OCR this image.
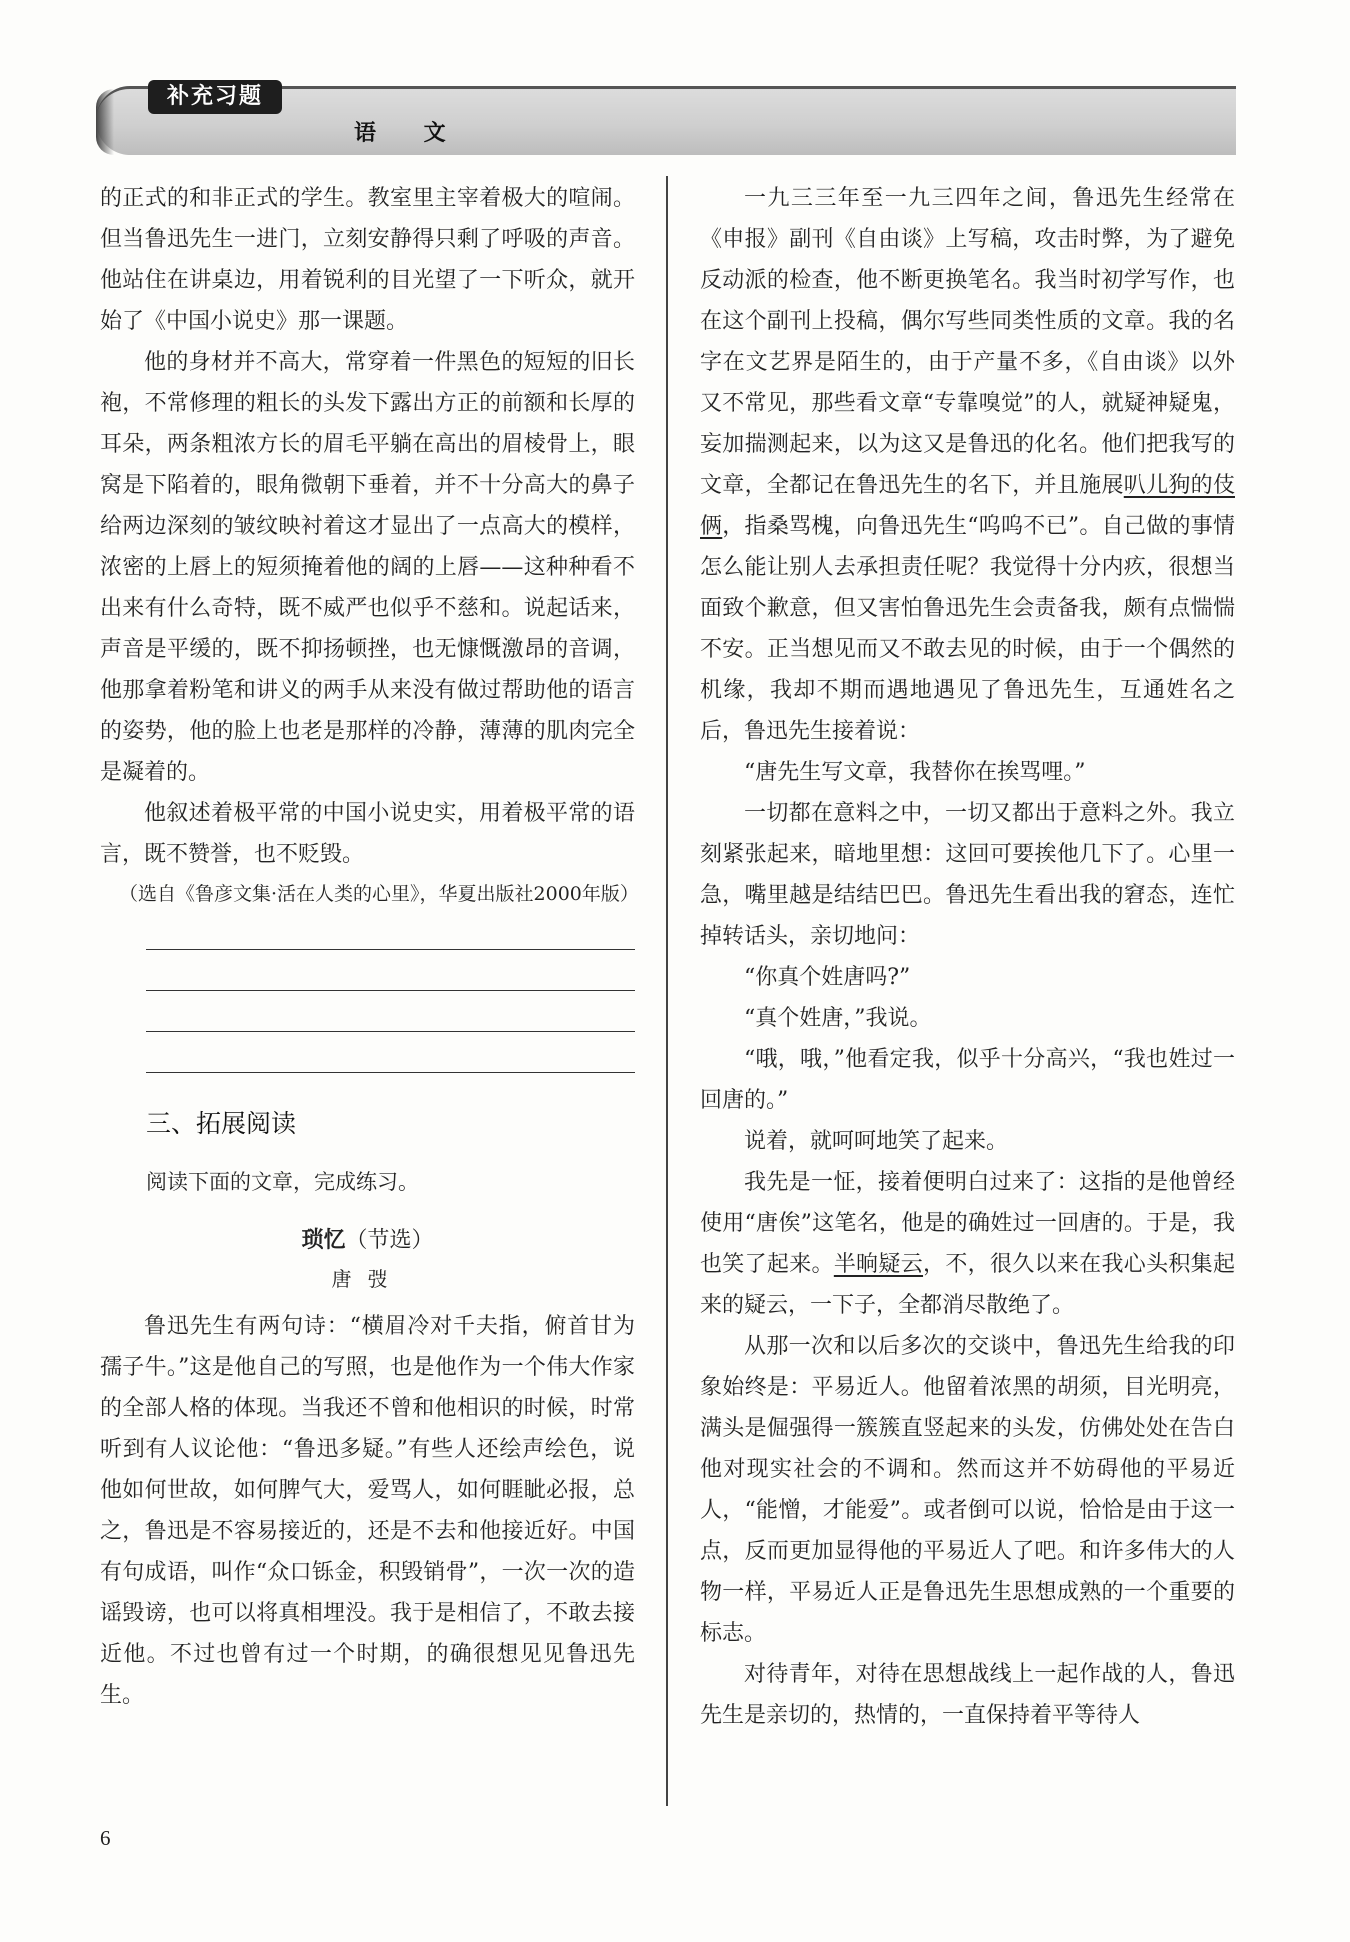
补充习题
语 文

的正式的和非正式的学生。教室里主宰着极大的喧闹。但当鲁迅先生一进门，立刻安静得只剩了呼吸的声音。他站住在讲桌边，用着锐利的目光望了一下听众，就开始了《中国小说史》那一课题。

他的身材并不高大，常穿着一件黑色的短短的旧长袍，不常修理的粗长的头发下露出方正的前额和长厚的耳朵，两条粗浓方长的眉毛平躺在高出的眉棱骨上，眼窝是下陷着的，眼角微朝下垂着，并不十分高大的鼻子给两边深刻的皱纹映衬着这才显出了一点高大的模样，浓密的上唇上的短须掩着他的阔的上唇——这种种看不出来有什么奇特，既不威严也似乎不慈和。说起话来，声音是平缓的，既不抑扬顿挫，也无慷慨激昂的音调，他那拿着粉笔和讲义的两手从来没有做过帮助他的语言的姿势，他的脸上也老是那样的冷静，薄薄的肌肉完全是凝着的。

他叙述着极平常的中国小说史实，用着极平常的语言，既不赞誉，也不贬毁。

（选自《鲁彦文集·活在人类的心里》，华夏出版社2000年版）

三、拓展阅读
阅读下面的文章，完成练习。
琐忆（节选）
唐弢

鲁迅先生有两句诗：“横眉冷对千夫指，俯首甘为孺子牛。”这是他自己的写照，也是他作为一个伟大作家的全部人格的体现。当我还不曾和他相识的时候，时常听到有人议论他：“鲁迅多疑。”有些人还绘声绘色，说他如何世故，如何脾气大，爱骂人，如何睚眦必报，总之，鲁迅是不容易接近的，还是不去和他接近好。中国有句成语，叫作“众口铄金，积毁销骨”，一次一次的造谣毁谤，也可以将真相埋没。我于是相信了，不敢去接近他。不过也曾有过一个时期，的确很想见见鲁迅先生。

一九三三年至一九三四年之间，鲁迅先生经常在《申报》副刊《自由谈》上写稿，攻击时弊，为了避免反动派的检查，他不断更换笔名。我当时初学写作，也在这个副刊上投稿，偶尔写些同类性质的文章。我的名字在文艺界是陌生的，由于产量不多，《自由谈》以外又不常见，那些看文章“专靠嗅觉”的人，就疑神疑鬼，妄加揣测起来，以为这又是鲁迅的化名。他们把我写的文章，全都记在鲁迅先生的名下，并且施展叭儿狗的伎俩，指桑骂槐，向鲁迅先生“呜呜不已”。自己做的事情怎么能让别人去承担责任呢？我觉得十分内疚，很想当面致个歉意，但又害怕鲁迅先生会责备我，颇有点惴惴不安。正当想见而又不敢去见的时候，由于一个偶然的机缘，我却不期而遇地遇见了鲁迅先生，互通姓名之后，鲁迅先生接着说：

“唐先生写文章，我替你在挨骂哩。”

一切都在意料之中，一切又都出于意料之外。我立刻紧张起来，暗地里想：这回可要挨他几下了。心里一急，嘴里越是结结巴巴。鲁迅先生看出我的窘态，连忙掉转话头，亲切地问：

“你真个姓唐吗?”

“真个姓唐，”我说。

“哦，哦，”他看定我，似乎十分高兴，“我也姓过一回唐的。”

说着，就呵呵地笑了起来。

我先是一怔，接着便明白过来了：这指的是他曾经使用“唐俟”这笔名，他是的确姓过一回唐的。于是，我也笑了起来。半晌疑云，不，很久以来在我心头积集起来的疑云，一下子，全都消尽散绝了。

从那一次和以后多次的交谈中，鲁迅先生给我的印象始终是：平易近人。他留着浓黑的胡须，目光明亮，满头是倔强得一簇簇直竖起来的头发，仿佛处处在告白他对现实社会的不调和。然而这并不妨碍他的平易近人，“能憎，才能爱”。或者倒可以说，恰恰是由于这一点，反而更加显得他的平易近人了吧。和许多伟大的人物一样，平易近人正是鲁迅先生思想成熟的一个重要的标志。

对待青年，对待在思想战线上一起作战的人，鲁迅先生是亲切的，热情的，一直保持着平等待人

6
